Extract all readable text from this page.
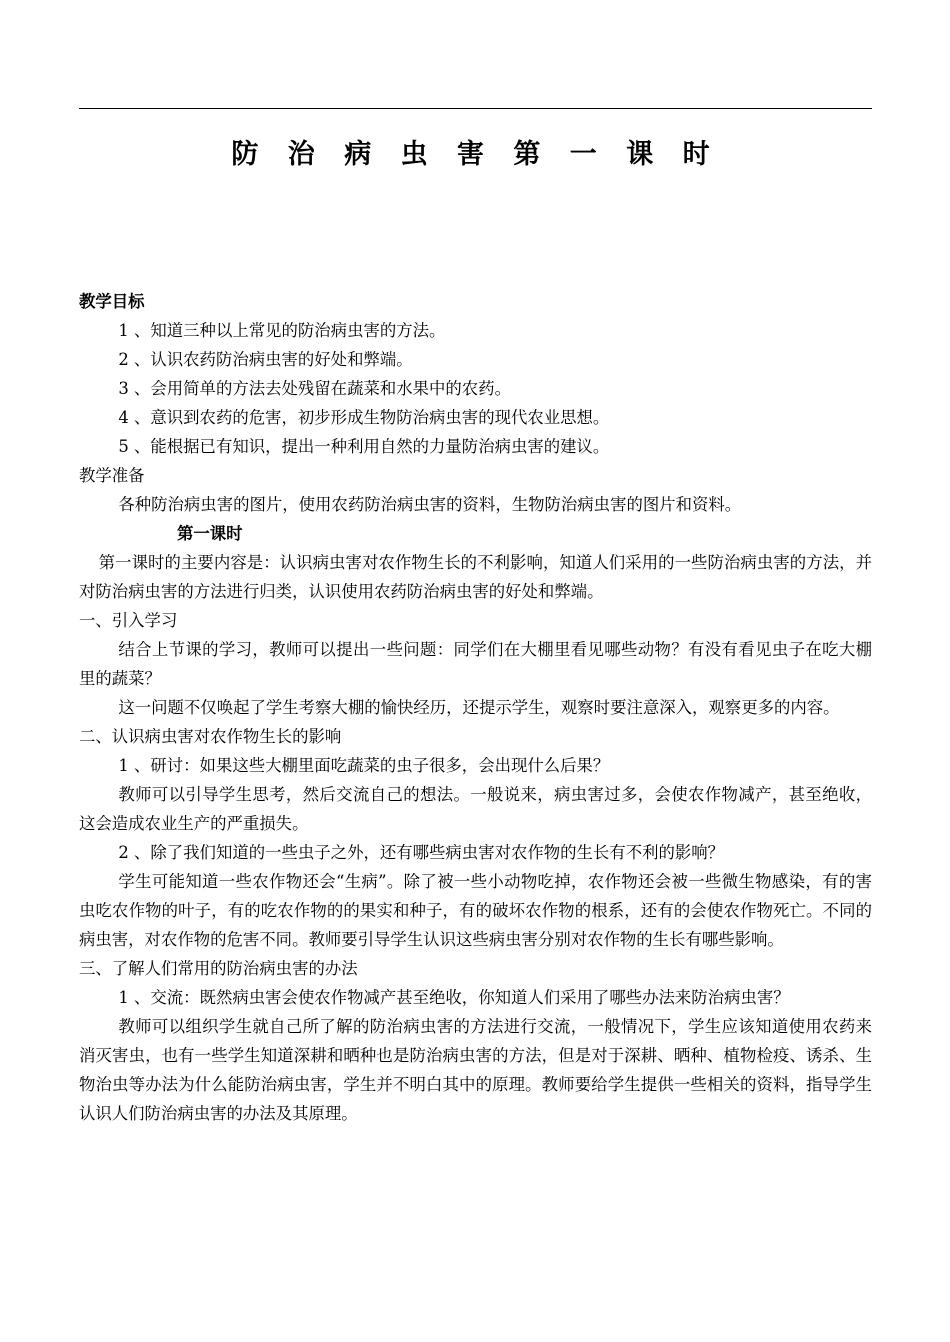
防 治 病 虫 害 第 一 课 时

教学目标

1 、知道三种以上常见的防治病虫害的方法。

2 、认识农药防治病虫害的好处和弊端。

3 、会用简单的方法去处残留在蔬菜和水果中的农药。

4 、意识到农药的危害，初步形成生物防治病虫害的现代农业思想。

5 、能根据已有知识，提出一种利用自然的力量防治病虫害的建议。

教学准备

各种防治病虫害的图片，使用农药防治病虫害的资料，生物防治病虫害的图片和资料。

第一课时

第一课时的主要内容是：认识病虫害对农作物生长的不利影响，知道人们采用的一些防治病虫害的方法，并对防治病虫害的方法进行归类，认识使用农药防治病虫害的好处和弊端。

一、引入学习

结合上节课的学习，教师可以提出一些问题：同学们在大棚里看见哪些动物？有没有看见虫子在吃大棚里的蔬菜？

这一问题不仅唤起了学生考察大棚的愉快经历，还提示学生，观察时要注意深入，观察更多的内容。

二、认识病虫害对农作物生长的影响

1 、研讨：如果这些大棚里面吃蔬菜的虫子很多，会出现什么后果？

教师可以引导学生思考，然后交流自己的想法。一般说来，病虫害过多，会使农作物减产，甚至绝收，这会造成农业生产的严重损失。

2 、除了我们知道的一些虫子之外，还有哪些病虫害对农作物的生长有不利的影响？

学生可能知道一些农作物还会“生病”。除了被一些小动物吃掉，农作物还会被一些微生物感染，有的害虫吃农作物的叶子，有的吃农作物的的果实和种子，有的破坏农作物的根系，还有的会使农作物死亡。不同的病虫害，对农作物的危害不同。教师要引导学生认识这些病虫害分别对农作物的生长有哪些影响。

三、了解人们常用的防治病虫害的办法

1 、交流：既然病虫害会使农作物减产甚至绝收，你知道人们采用了哪些办法来防治病虫害？

教师可以组织学生就自己所了解的防治病虫害的方法进行交流，一般情况下，学生应该知道使用农药来消灭害虫，也有一些学生知道深耕和晒种也是防治病虫害的方法，但是对于深耕、晒种、植物检疫、诱杀、生物治虫等办法为什么能防治病虫害，学生并不明白其中的原理。教师要给学生提供一些相关的资料，指导学生认识人们防治病虫害的办法及其原理。
